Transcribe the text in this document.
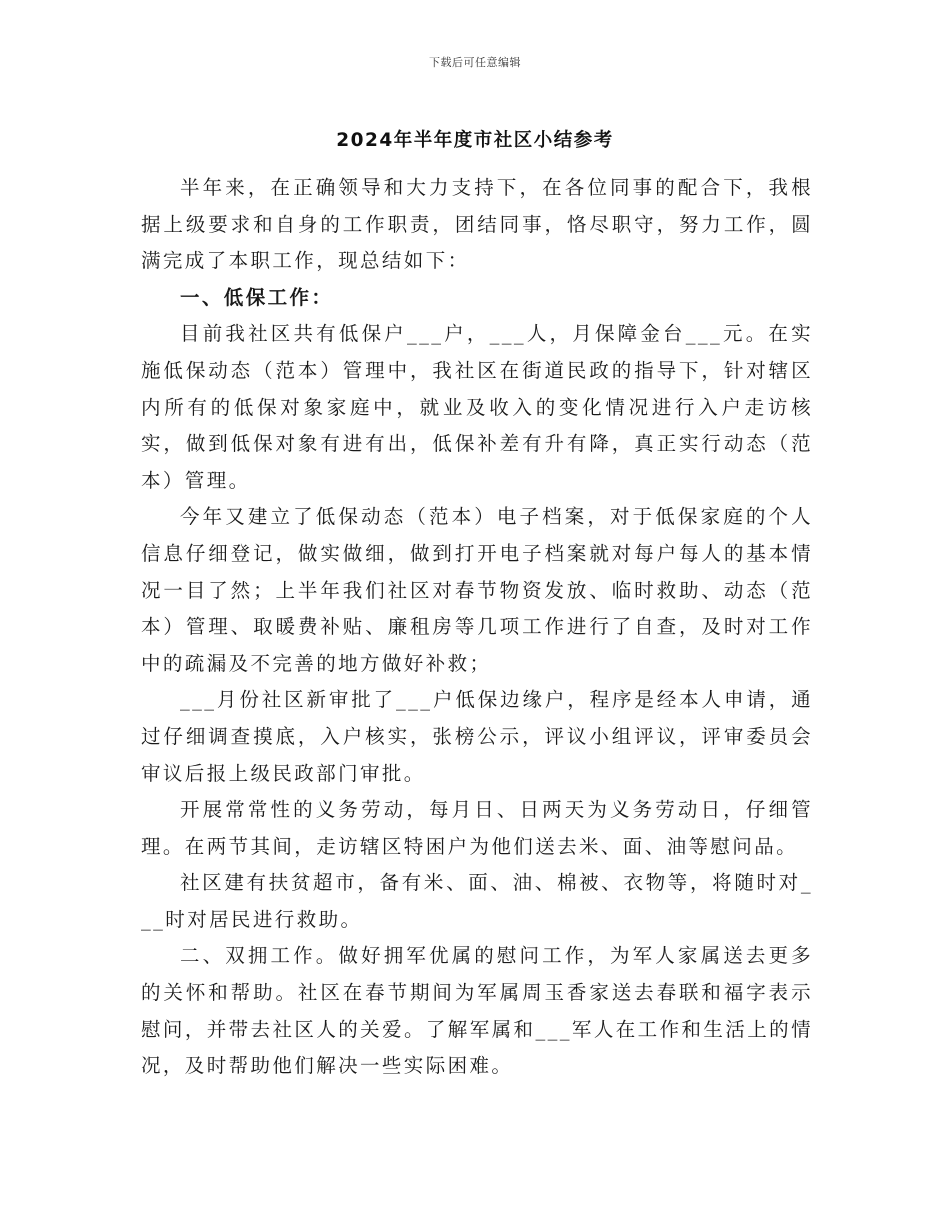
下载后可任意编辑
2024年半年度市社区小结参考

半年来，在正确领导和大力支持下，在各位同事的配合下，我根据上级要求和自身的工作职责，团结同事，恪尽职守，努力工作，圆满完成了本职工作，现总结如下：

一、低保工作：

目前我社区共有低保户___户，___人，月保障金台___元。在实施低保动态（范本）管理中，我社区在街道民政的指导下，针对辖区内所有的低保对象家庭中，就业及收入的变化情况进行入户走访核实，做到低保对象有进有出，低保补差有升有降，真正实行动态（范本）管理。

今年又建立了低保动态（范本）电子档案，对于低保家庭的个人信息仔细登记，做实做细，做到打开电子档案就对每户每人的基本情况一目了然；上半年我们社区对春节物资发放、临时救助、动态（范本）管理、取暖费补贴、廉租房等几项工作进行了自查，及时对工作中的疏漏及不完善的地方做好补救；

___月份社区新审批了___户低保边缘户，程序是经本人申请，通过仔细调查摸底，入户核实，张榜公示，评议小组评议，评审委员会审议后报上级民政部门审批。

开展常常性的义务劳动，每月日、日两天为义务劳动日，仔细管理。在两节其间，走访辖区特困户为他们送去米、面、油等慰问品。

社区建有扶贫超市，备有米、面、油、棉被、衣物等，将随时对___时对居民进行救助。

二、双拥工作。做好拥军优属的慰问工作，为军人家属送去更多的关怀和帮助。社区在春节期间为军属周玉香家送去春联和福字表示慰问，并带去社区人的关爱。了解军属和___军人在工作和生活上的情况，及时帮助他们解决一些实际困难。
